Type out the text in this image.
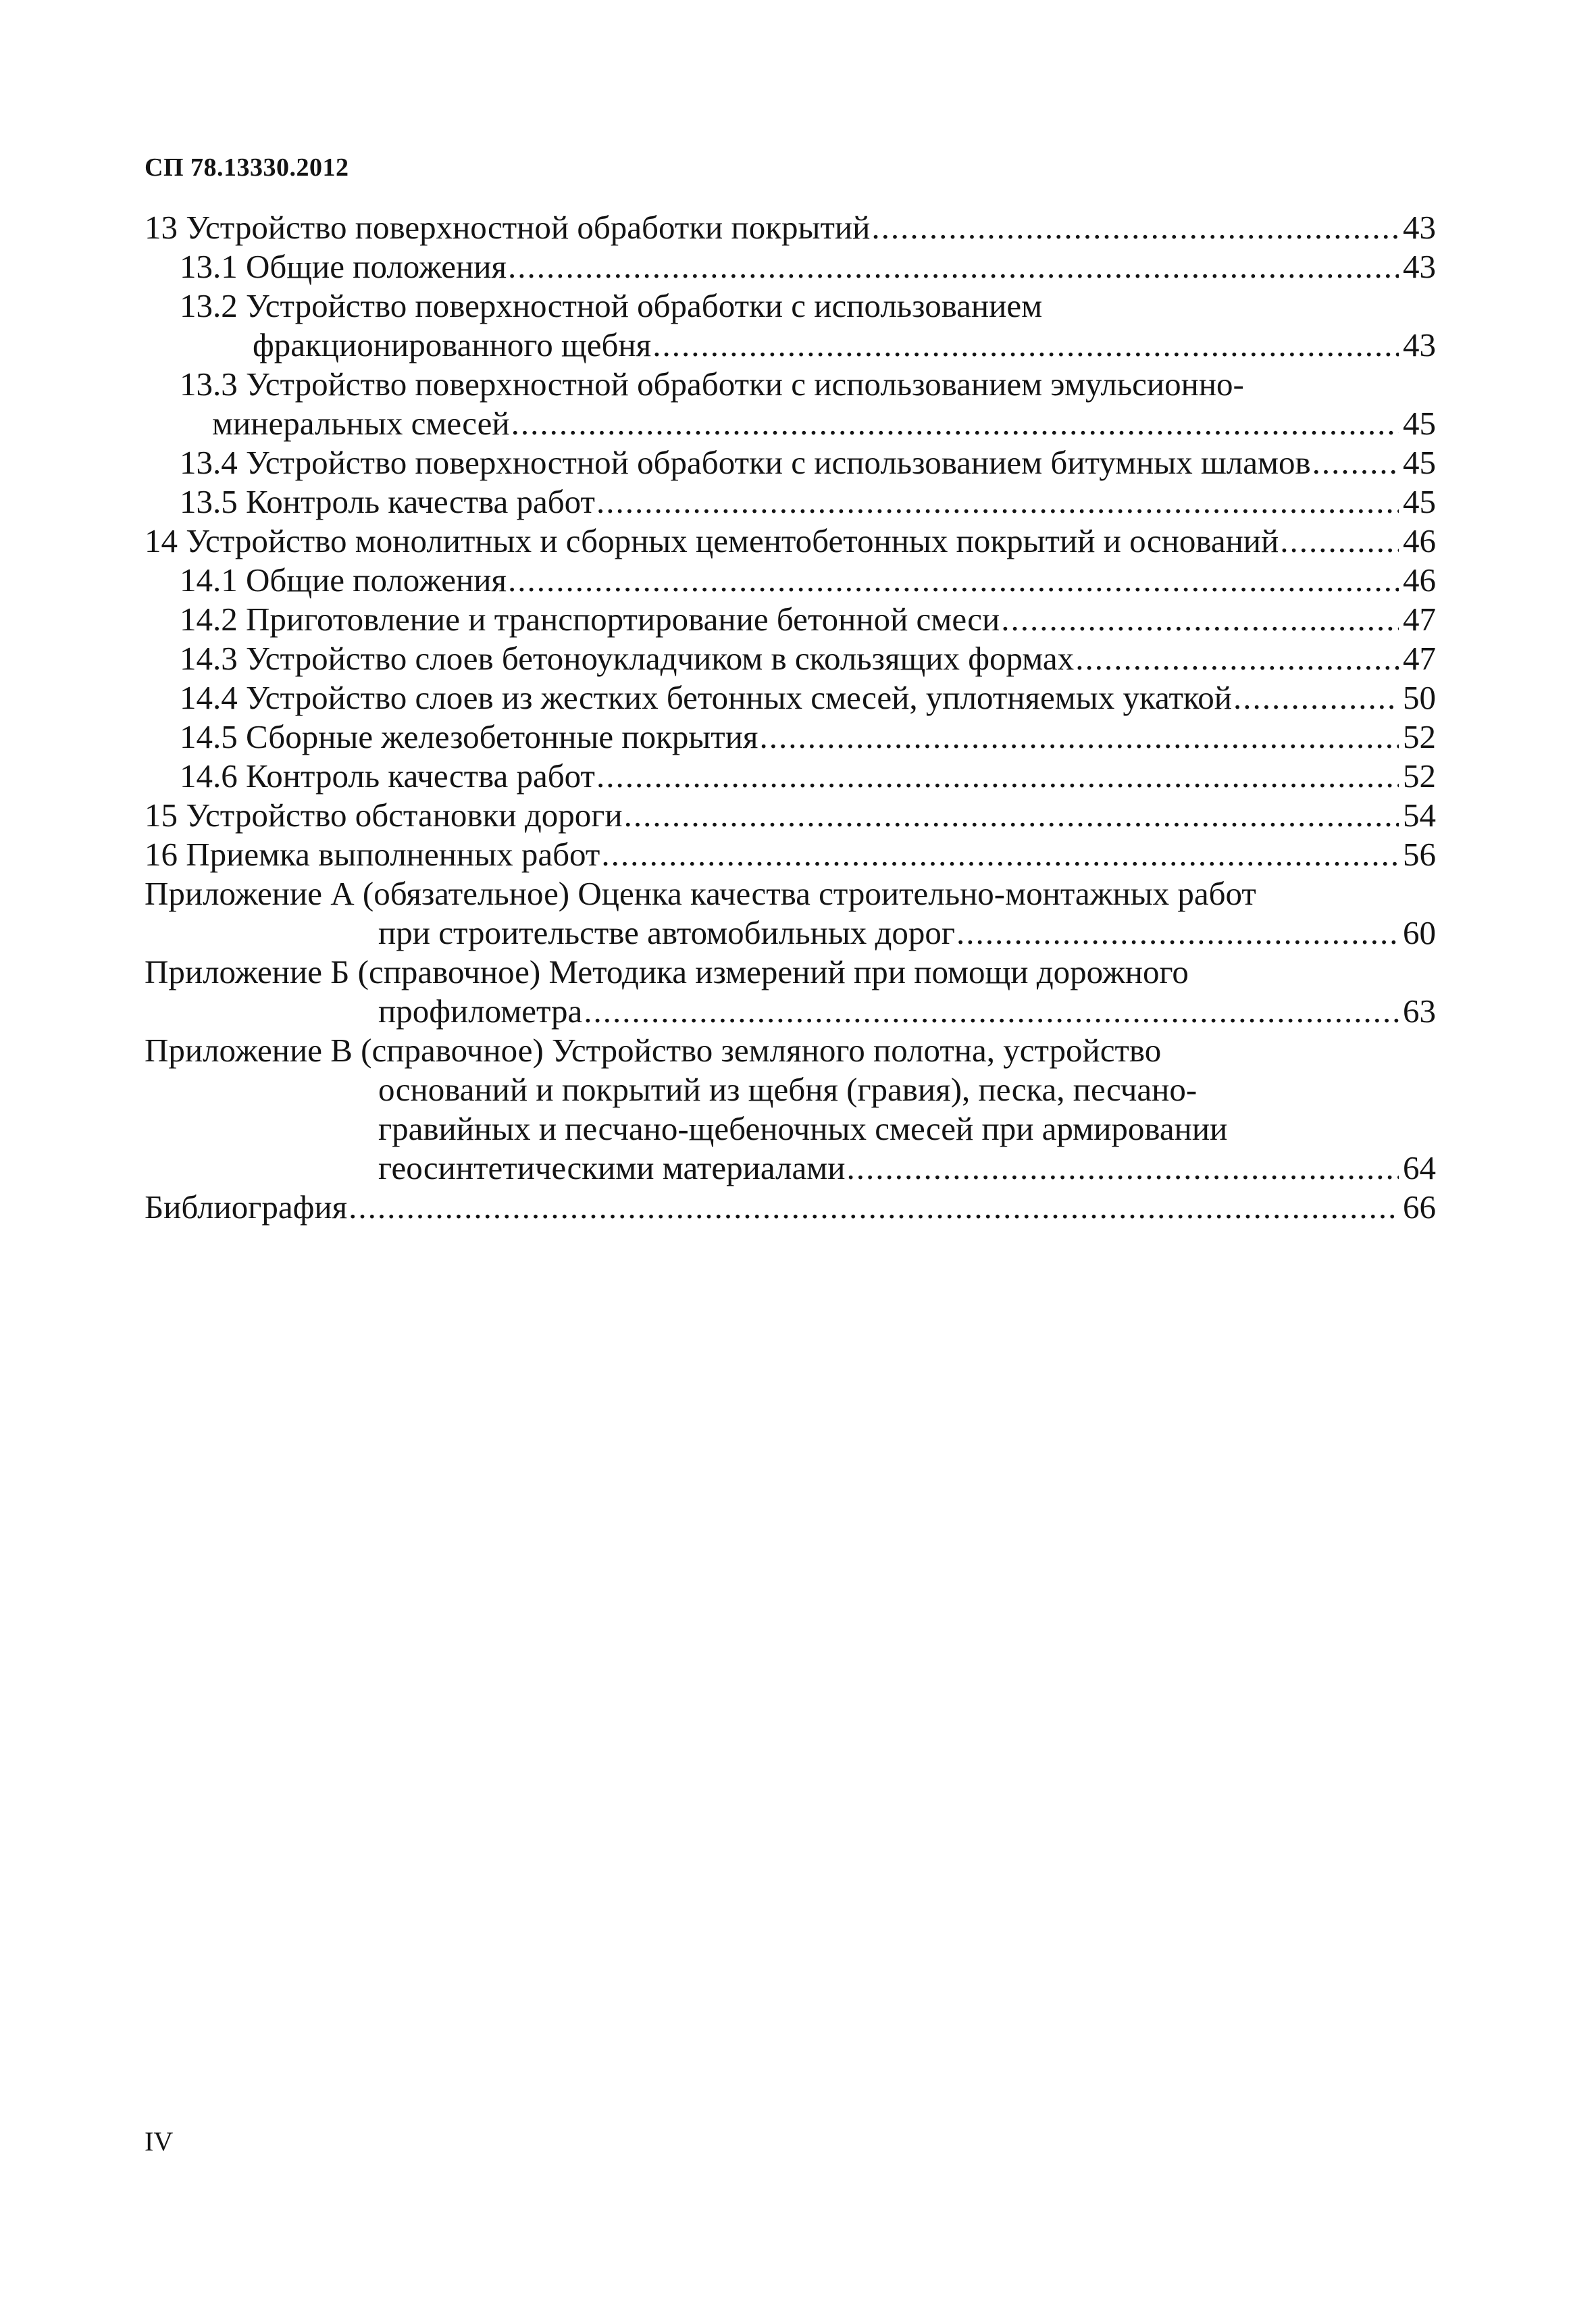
СП 78.13330.2012
13 Устройство поверхностной обработки покрытий .....	43
13.1 Общие положения .....	43
13.2 Устройство поверхностной обработки с использованием
фракционированного щебня .....	43
13.3 Устройство поверхностной обработки с использованием эмульсионно-
минеральных смесей .....	45
13.4 Устройство поверхностной обработки с использованием битумных шламов .....	45
13.5 Контроль качества работ .....	45
14 Устройство монолитных и сборных цементобетонных покрытий и оснований .....	46
14.1 Общие положения .....	46
14.2 Приготовление и транспортирование бетонной смеси .....	47
14.3 Устройство слоев бетоноукладчиком в скользящих формах .....	47
14.4 Устройство слоев из жестких бетонных смесей, уплотняемых укаткой .....	50
14.5 Сборные железобетонные покрытия .....	52
14.6 Контроль качества работ .....	52
15 Устройство обстановки дороги .....	54
16 Приемка выполненных работ .....	56
Приложение А (обязательное) Оценка качества строительно-монтажных работ
при строительстве автомобильных дорог .....	60
Приложение Б (справочное) Методика измерений при помощи дорожного
профилометра .....	63
Приложение В (справочное) Устройство земляного полотна, устройство
оснований и покрытий из щебня (гравия), песка, песчано-
гравийных и песчано-щебеночных смесей при армировании
геосинтетическими материалами .....	64
Библиография .....	66
IV
